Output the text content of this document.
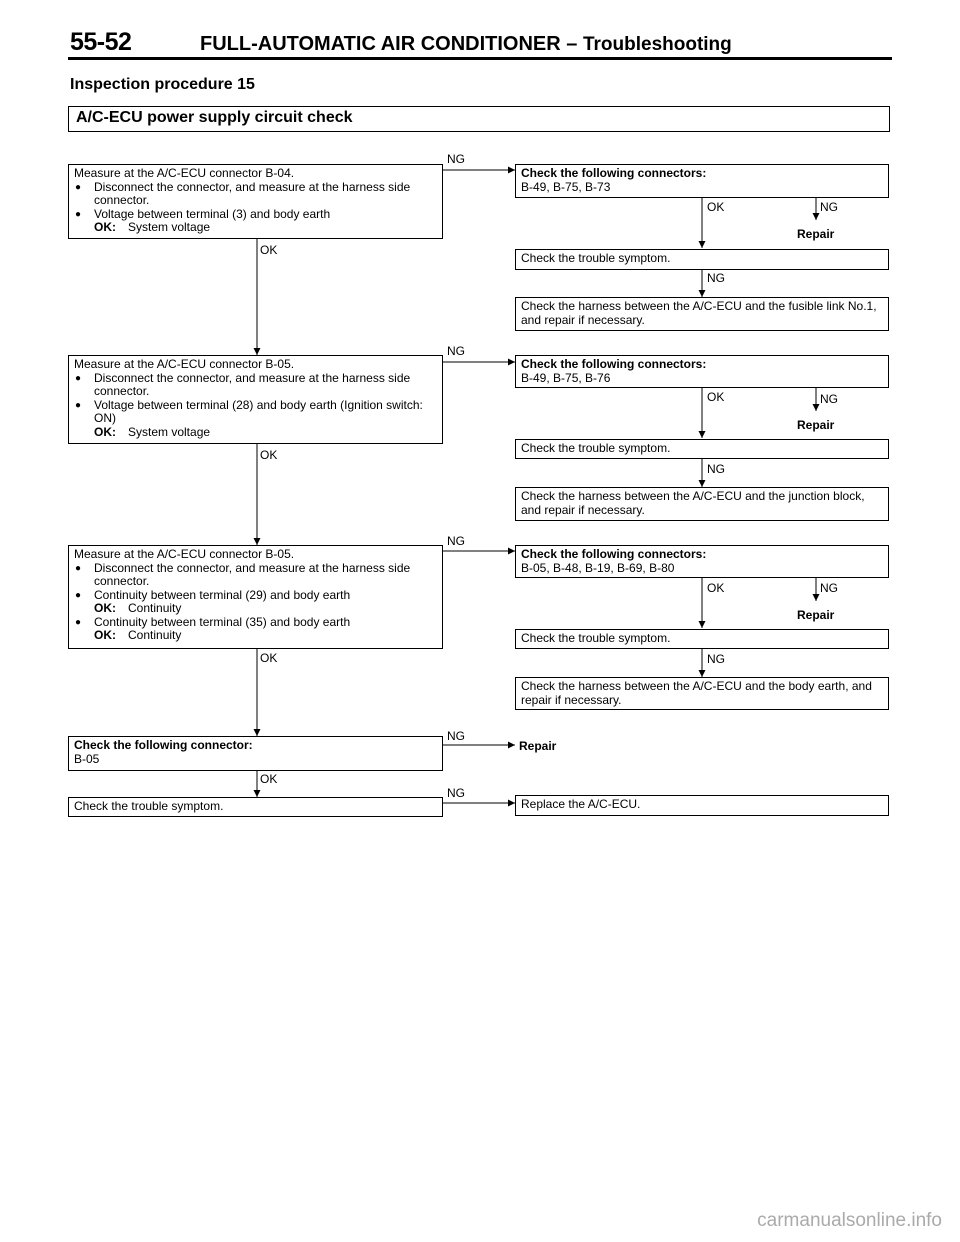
55-52	FULL-AUTOMATIC AIR CONDITIONER – Troubleshooting
Inspection procedure 15
A/C-ECU power supply circuit check
Measure at the A/C-ECU connector B-04.
● Disconnect the connector, and measure at the harness side connector.
● Voltage between terminal (3) and body earth
OK: System voltage
NG
OK
Check the following connectors:
B-49, B-75, B-73
OK	NG
Repair
Check the trouble symptom.
NG
Check the harness between the A/C-ECU and the fusible link No.1, and repair if necessary.
Measure at the A/C-ECU connector B-05.
● Disconnect the connector, and measure at the harness side connector.
● Voltage between terminal (28) and body earth (Ignition switch: ON)
OK: System voltage
NG
OK
Check the following connectors:
B-49, B-75, B-76
OK	NG
Repair
Check the trouble symptom.
NG
Check the harness between the A/C-ECU and the junction block, and repair if necessary.
Measure at the A/C-ECU connector B-05.
● Disconnect the connector, and measure at the harness side connector.
● Continuity between terminal (29) and body earth
OK: Continuity
● Continuity between terminal (35) and body earth
OK: Continuity
NG
OK
Check the following connectors:
B-05, B-48, B-19, B-69, B-80
OK	NG
Repair
Check the trouble symptom.
NG
Check the harness between the A/C-ECU and the body earth, and repair if necessary.
Check the following connector:
B-05
NG
Repair
OK
Check the trouble symptom.
NG
Replace the A/C-ECU.
carmanualsonline.info
